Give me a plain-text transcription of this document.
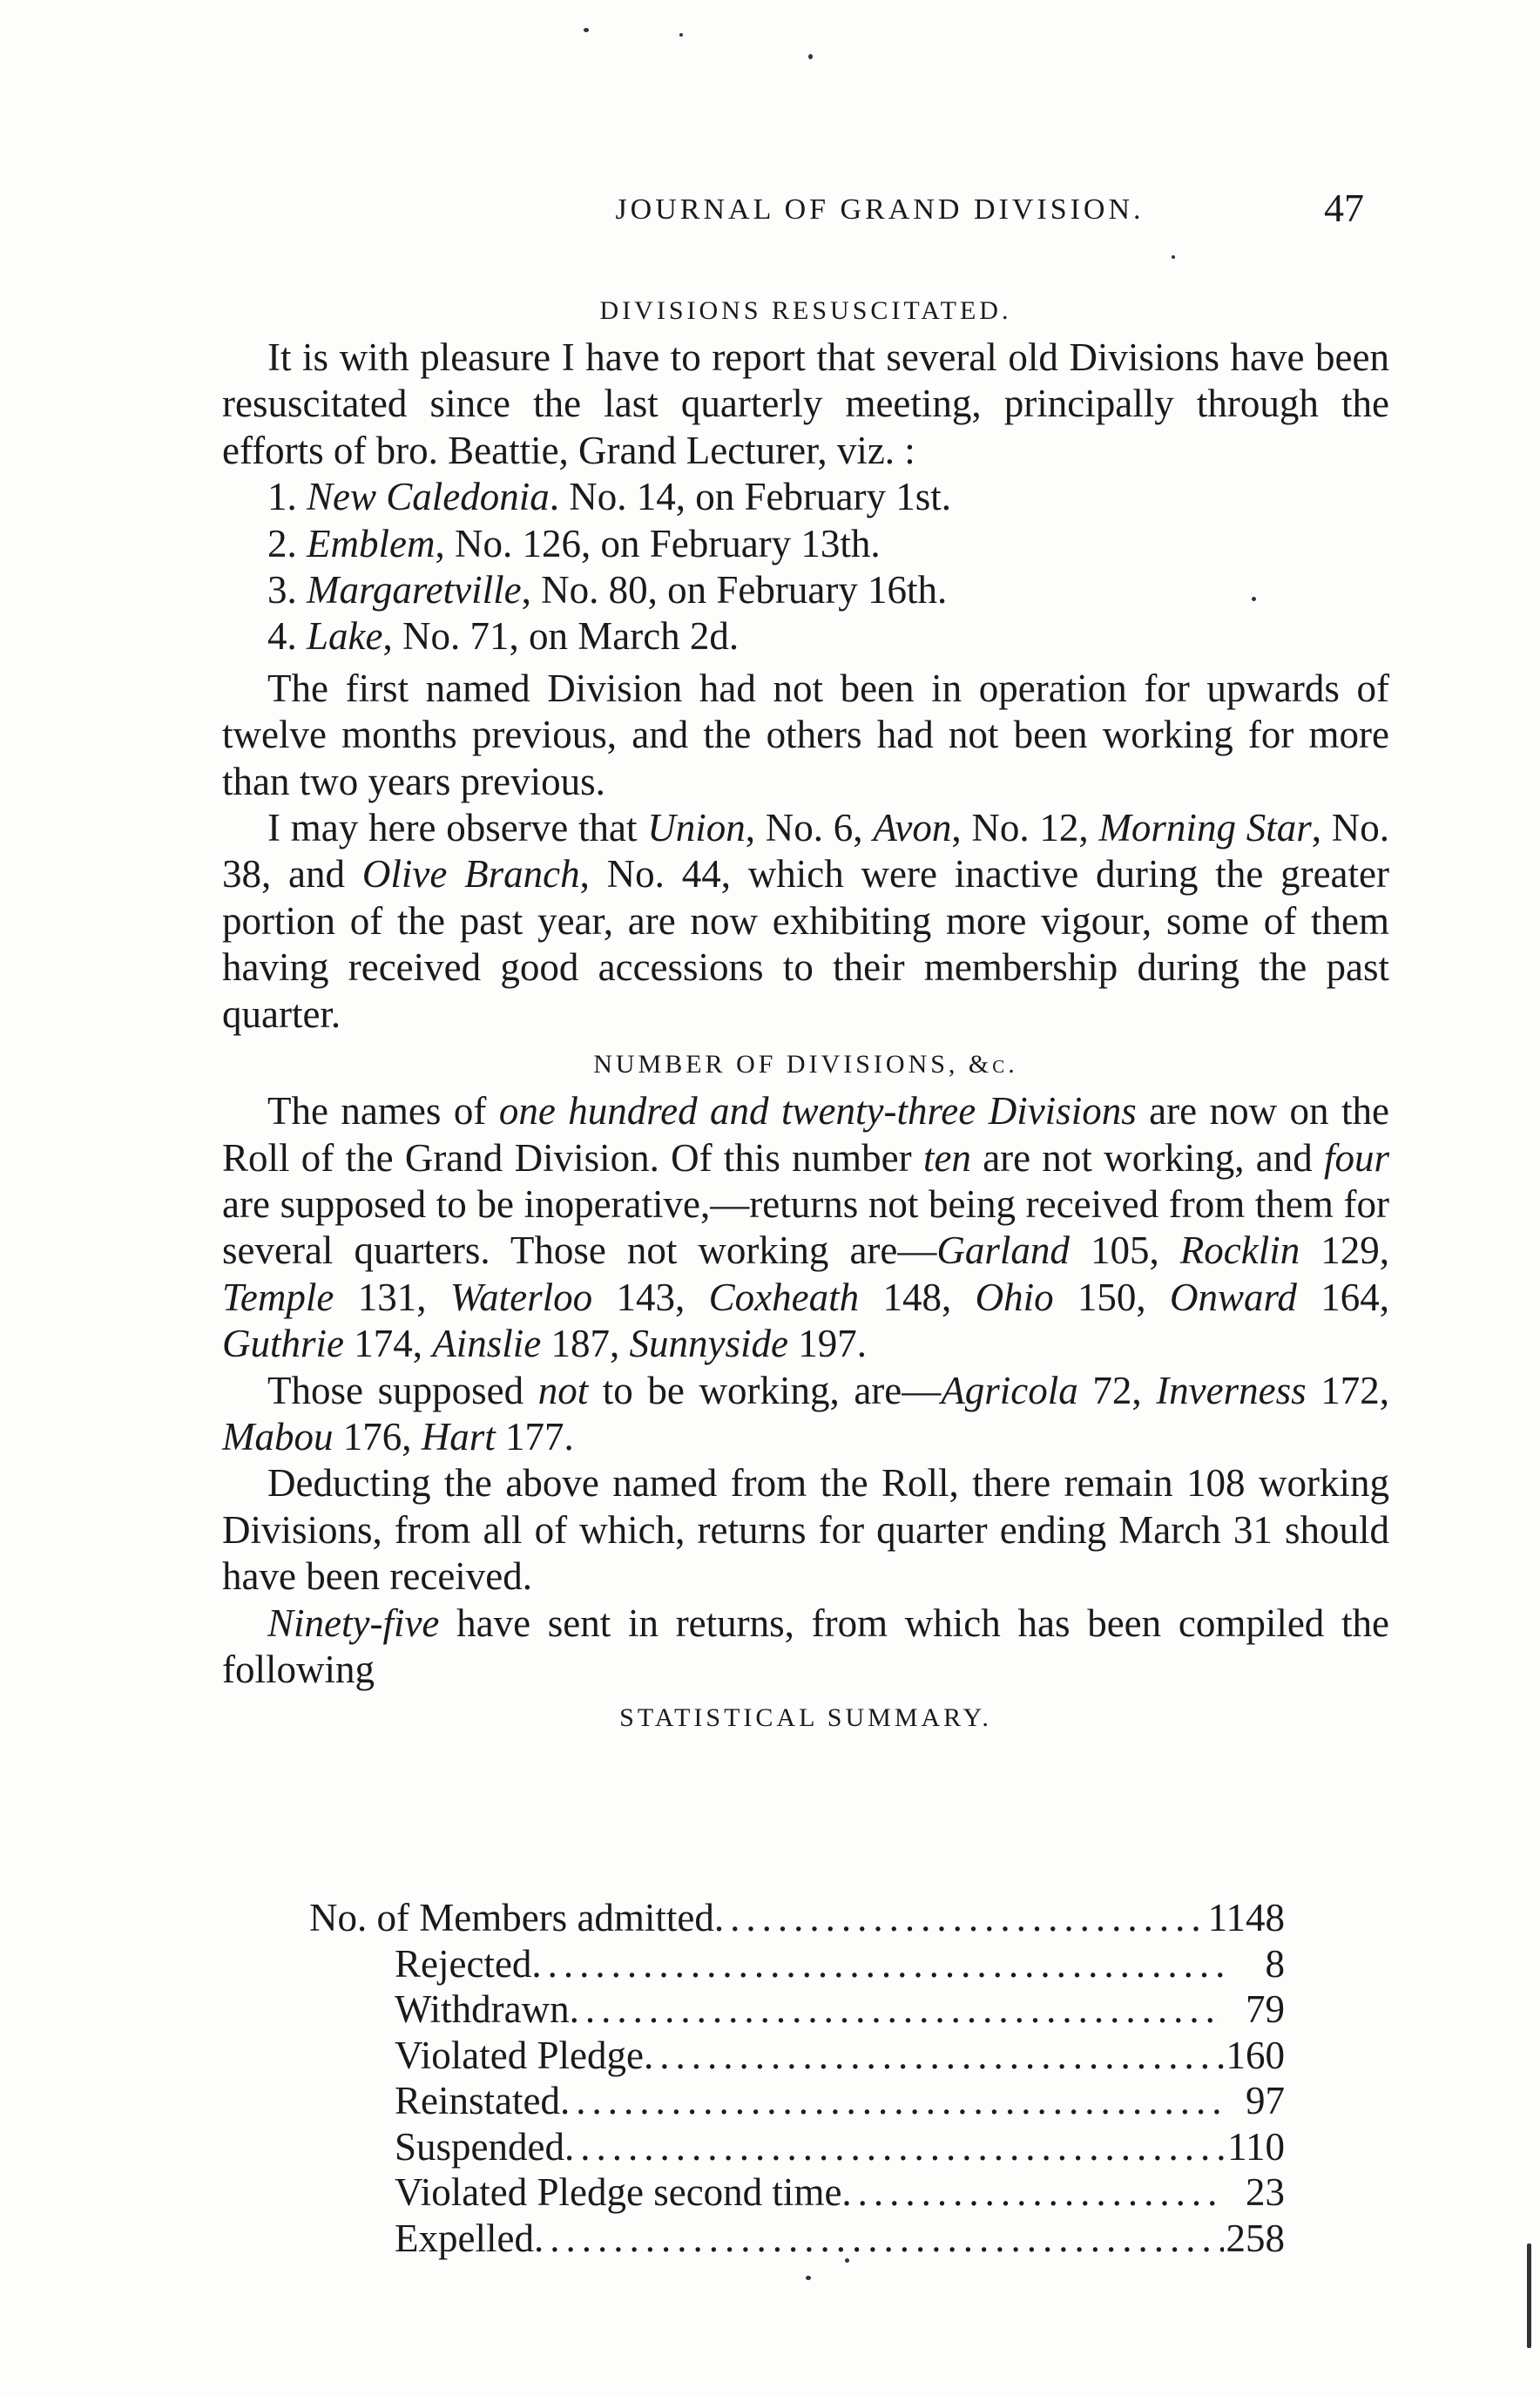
JOURNAL OF GRAND DIVISION.	47
DIVISIONS RESUSCITATED.

It is with pleasure I have to report that several old Divisions have been resuscitated since the last quarterly meeting, principally through the efforts of bro. Beattie, Grand Lecturer, viz. :

1. New Caledonia. No. 14, on February 1st.
2. Emblem, No. 126, on February 13th.
3. Margaretville, No. 80, on February 16th.
4. Lake, No. 71, on March 2d.

The first named Division had not been in operation for upwards of twelve months previous, and the others had not been working for more than two years previous.

I may here observe that Union, No. 6, Avon, No. 12, Morning Star, No. 38, and Olive Branch, No. 44, which were inactive during the greater portion of the past year, are now exhibiting more vigour, some of them having received good accessions to their membership during the past quarter.

NUMBER OF DIVISIONS, &c.

The names of one hundred and twenty-three Divisions are now on the Roll of the Grand Division. Of this number ten are not working, and four are supposed to be inoperative,—returns not being received from them for several quarters. Those not working are—Garland 105, Rocklin 129, Temple 131, Waterloo 143, Coxheath 148, Ohio 150, Onward 164, Guthrie 174, Ainslie 187, Sunnyside 197.

Those supposed not to be working, are—Agricola 72, Inverness 172, Mabou 176, Hart 177.

Deducting the above named from the Roll, there remain 108 working Divisions, from all of which, returns for quarter ending March 31 should have been received.

Ninety-five have sent in returns, from which has been compiled the following

STATISTICAL SUMMARY.
No. of Members admitted .....	1148
Rejected .....	8
Withdrawn .....	79
Violated Pledge .....	160
Reinstated .....	97
Suspended .....	110
Violated Pledge second time .....	23
Expelled .....	258
